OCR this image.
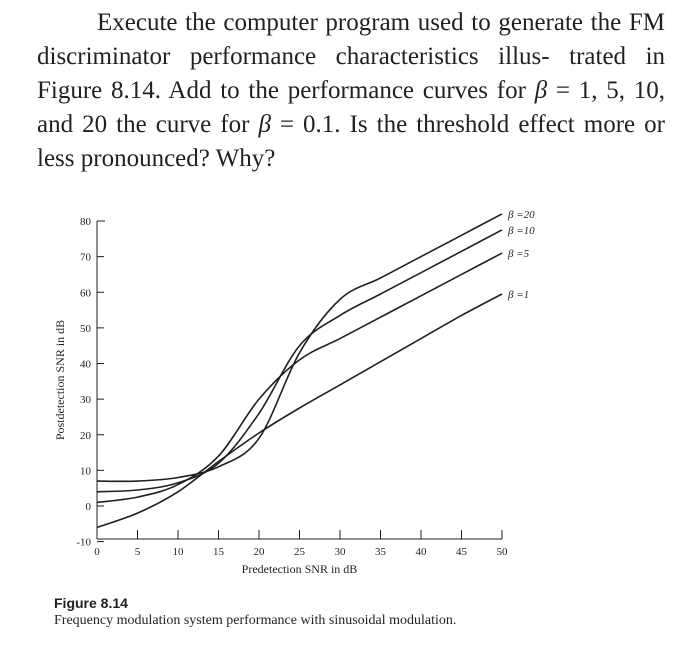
Execute the computer program used to generate the FM discriminator performance characteristics illus- trated in Figure 8.14. Add to the performance curves for β = 1, 5, 10, and 20 the curve for β = 0.1. Is the threshold effect more or less pronounced? Why?

-10
0
10
20
30
40
50
60
70
80
0	5	10	15	20	25	30	35	40	45	50
Predetection SNR in dB
Postdetection SNR in dB
β =1
β =5
β =10
β =20
Figure 8.14
Frequency modulation system performance with sinusoidal modulation.
